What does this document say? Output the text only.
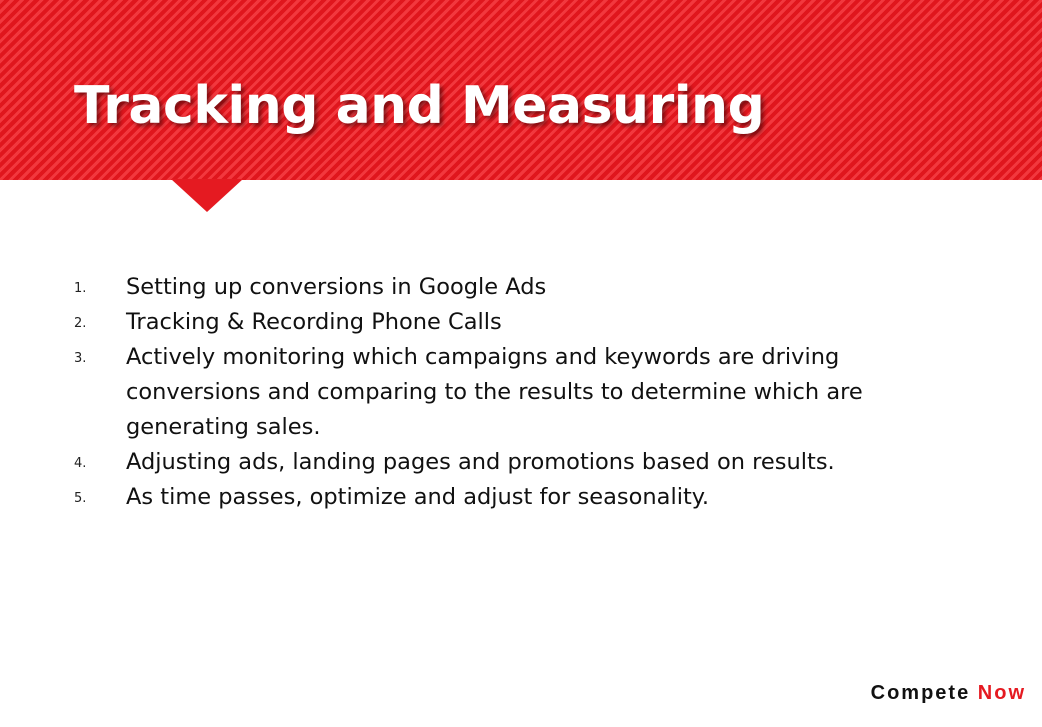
Tracking and Measuring
1. Setting up conversions in Google Ads
2. Tracking & Recording Phone Calls
3. Actively monitoring which campaigns and keywords are driving conversions and comparing to the results to determine which are generating sales.
4. Adjusting ads, landing pages and promotions based on results.
5. As time passes, optimize and adjust for seasonality.
Compete Now
